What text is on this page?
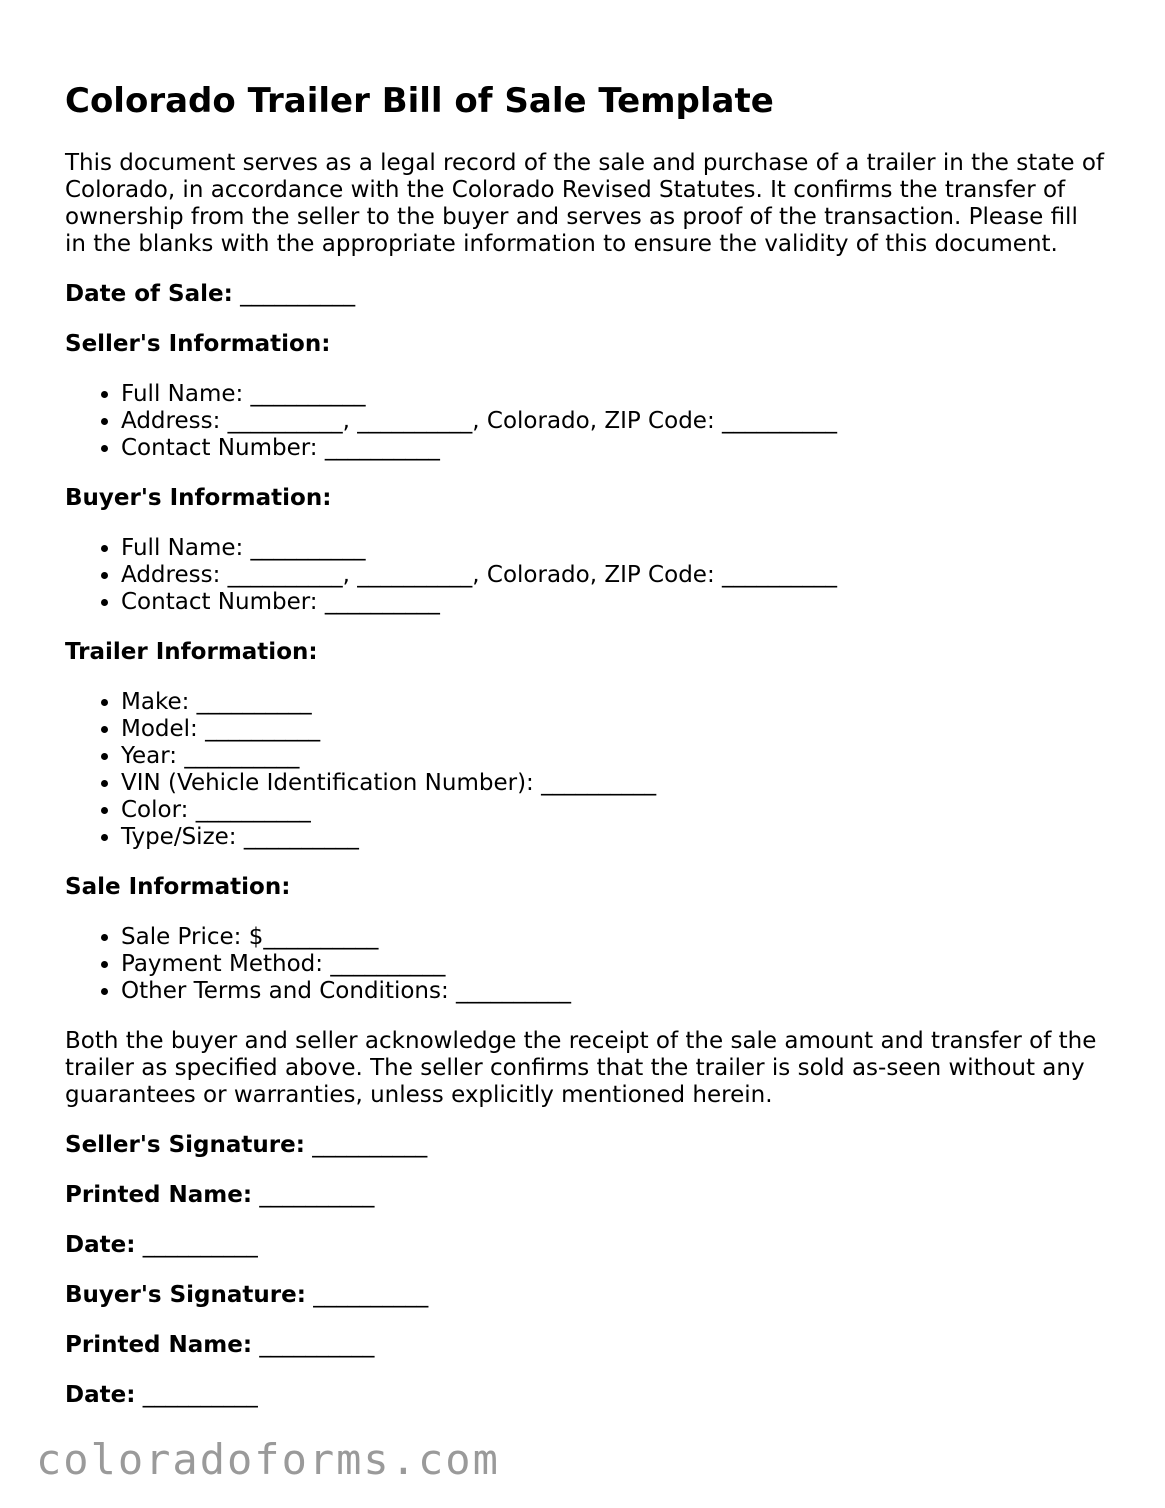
Colorado Trailer Bill of Sale Template

This document serves as a legal record of the sale and purchase of a trailer in the state of Colorado, in accordance with the Colorado Revised Statutes. It confirms the transfer of ownership from the seller to the buyer and serves as proof of the transaction. Please fill in the blanks with the appropriate information to ensure the validity of this document.

Date of Sale: __________
Seller's Information:
• Full Name: __________
• Address: __________, __________, Colorado, ZIP Code: __________
• Contact Number: __________
Buyer's Information:
• Full Name: __________
• Address: __________, __________, Colorado, ZIP Code: __________
• Contact Number: __________
Trailer Information:
• Make: __________
• Model: __________
• Year: __________
• VIN (Vehicle Identification Number): __________
• Color: __________
• Type/Size: __________
Sale Information:
• Sale Price: $__________
• Payment Method: __________
• Other Terms and Conditions: __________

Both the buyer and seller acknowledge the receipt of the sale amount and transfer of the trailer as specified above. The seller confirms that the trailer is sold as-seen without any guarantees or warranties, unless explicitly mentioned herein.

Seller's Signature: __________
Printed Name: __________
Date: __________
Buyer's Signature: __________
Printed Name: __________
Date: __________
coloradoforms.com
